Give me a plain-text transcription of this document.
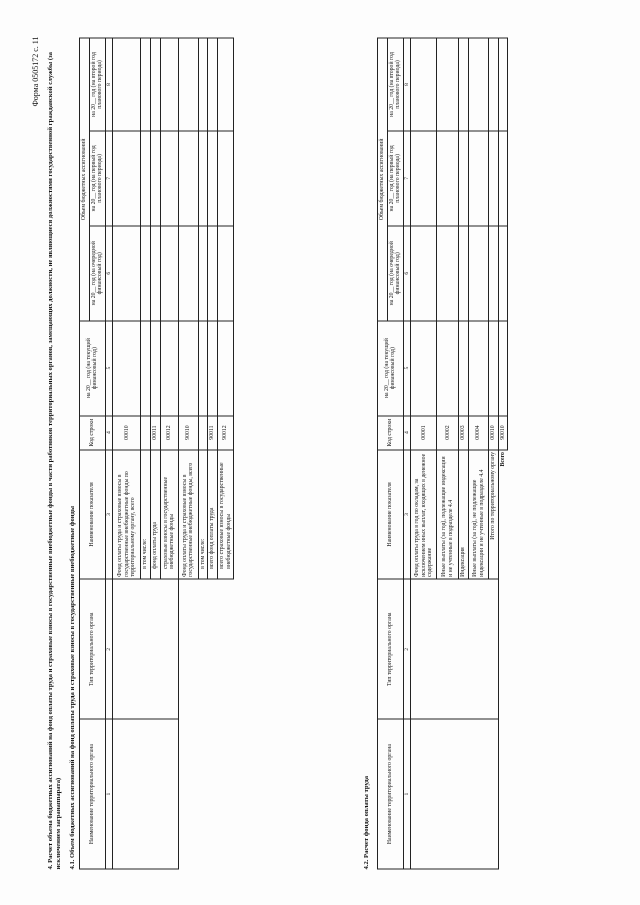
Форма 0505172 с. 11 4. Расчет объема бюджетных ассигнований на фонд оплаты труда и страховые взносы в государственные внебюджетные фонды в части работников территориальных органов, замещающих должности, не являющиеся должностями государственной гражданской службы (за исключением загранаппарата) 4.1. Объем бюджетных ассигнований на фонд оплаты труда и страховые взносы в государственные внебюджетные фонды Наименование территориального органа	Тип территориального органа	Наименование показателя	Код строки	на 20__ год (на текущий финансовый год)	Объем бюджетных ассигнований		
					на 20__ год (на очередной финансовый год)	на 20__ год (на первый год планового периода)	на 20__ год (на второй год планового периода)
1	2	3	4	5	6	7	8
		Фонд оплаты труда и страховые взносы в государственные внебюджетные фонды по территориальному органу, всего	00010				
		в том числе:					
		фонд оплаты труда	00011				
		страховые взносы в государственные внебюджетные фонды	00012				
		Фонд оплаты труда и страховые взносы в государственные внебюджетные фонды, всего	90010				
		в том числе:					
		всего фонд оплаты труда	90011				
		всего страховые взносы в государственные внебюджетные фонды	90012				
4.2. Расчет фонда оплаты труда	Наименование территориального органа	Тип территориального органа	Наименование показателя	Код строки	на 20__ год (на текущий финансовый год)	Объем бюджетных ассигнований		
					на 20__ год (на очередной финансовый год)	на 20__ год (на первый год планового периода)	на 20__ год (на второй год планового периода)
1	2	3	4	5	6	7	8
		Фонд оплаты труда в год по окладам, за исключением иных выплат, входящих в денежное содержание	00001				
		Иные выплаты (за год), подлежащие индексации и не учтенные в подразделе 4.4	00002				
		Индексация	00003				
		Иные выплаты (за год), не подлежащие индексации и не учтенные в подразделе 4.4	00004				
		Итого по территориальному органу	00010				
		Всего	90010				
